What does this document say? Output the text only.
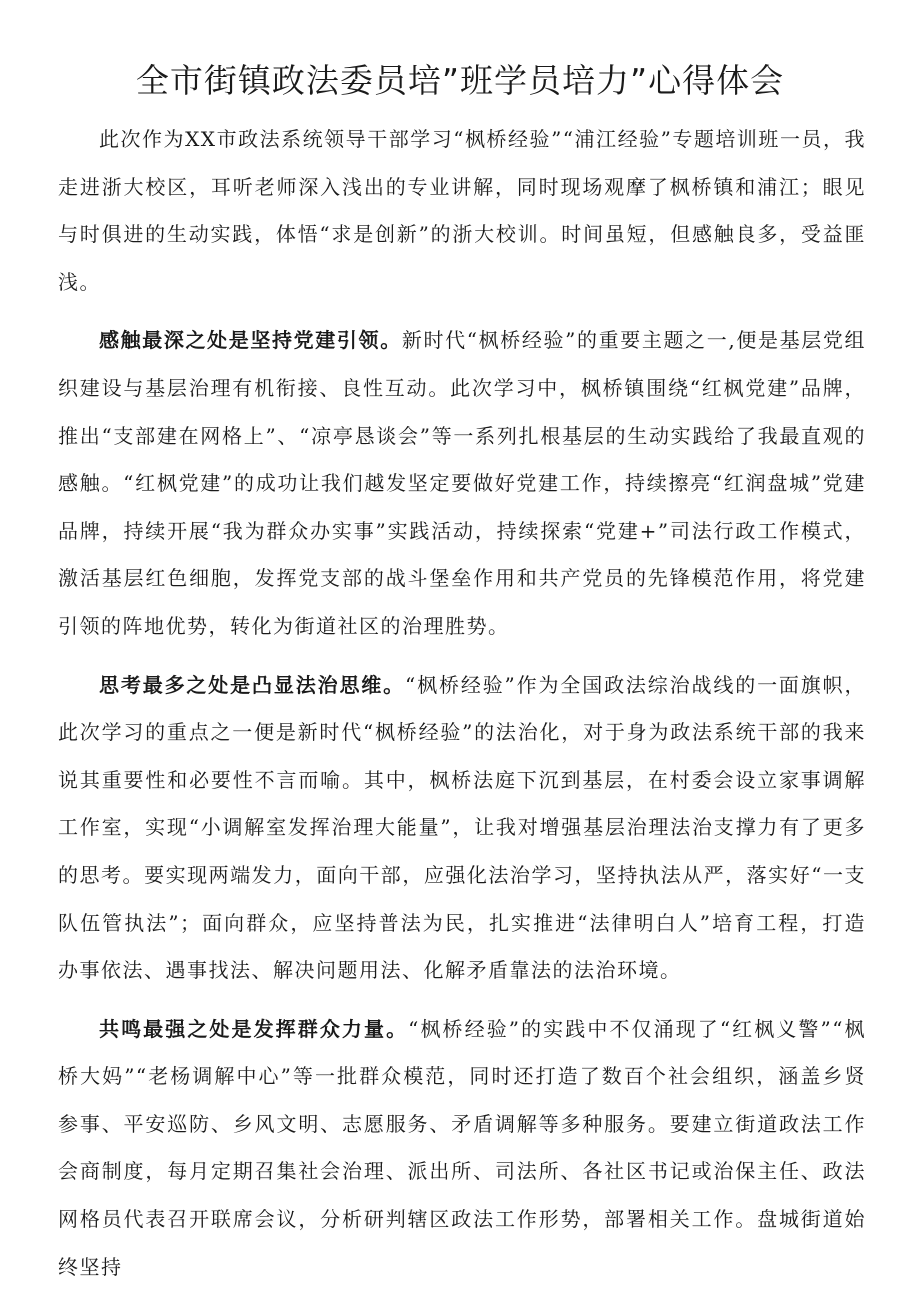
全市街镇政法委员培”班学员培力”心得体会

此次作为XX市政法系统领导干部学习“枫桥经验”“浦江经验”专题培训班一员，我走进浙大校区，耳听老师深入浅出的专业讲解，同时现场观摩了枫桥镇和浦江；眼见与时俱进的生动实践，体悟“求是创新”的浙大校训。时间虽短，但感触良多，受益匪浅。

感触最深之处是坚持党建引领。新时代“枫桥经验”的重要主题之一,便是基层党组织建设与基层治理有机衔接、良性互动。此次学习中，枫桥镇围绕“红枫党建”品牌，推出“支部建在网格上”、“凉亭恳谈会”等一系列扎根基层的生动实践给了我最直观的感触。“红枫党建”的成功让我们越发坚定要做好党建工作，持续擦亮“红润盘城”党建品牌，持续开展“我为群众办实事”实践活动，持续探索“党建+”司法行政工作模式，激活基层红色细胞，发挥党支部的战斗堡垒作用和共产党员的先锋模范作用，将党建引领的阵地优势，转化为街道社区的治理胜势。

思考最多之处是凸显法治思维。“枫桥经验”作为全国政法综治战线的一面旗帜，此次学习的重点之一便是新时代“枫桥经验”的法治化，对于身为政法系统干部的我来说其重要性和必要性不言而喻。其中，枫桥法庭下沉到基层，在村委会设立家事调解工作室，实现“小调解室发挥治理大能量”，让我对增强基层治理法治支撑力有了更多的思考。要实现两端发力，面向干部，应强化法治学习，坚持执法从严，落实好“一支队伍管执法”；面向群众，应坚持普法为民，扎实推进“法律明白人”培育工程，打造办事依法、遇事找法、解决问题用法、化解矛盾靠法的法治环境。

共鸣最强之处是发挥群众力量。“枫桥经验”的实践中不仅涌现了“红枫义警”“枫桥大妈”“老杨调解中心”等一批群众模范，同时还打造了数百个社会组织，涵盖乡贤参事、平安巡防、乡风文明、志愿服务、矛盾调解等多种服务。要建立街道政法工作会商制度，每月定期召集社会治理、派出所、司法所、各社区书记或治保主任、政法网格员代表召开联席会议，分析研判辖区政法工作形势，部署相关工作。盘城街道始终坚持
